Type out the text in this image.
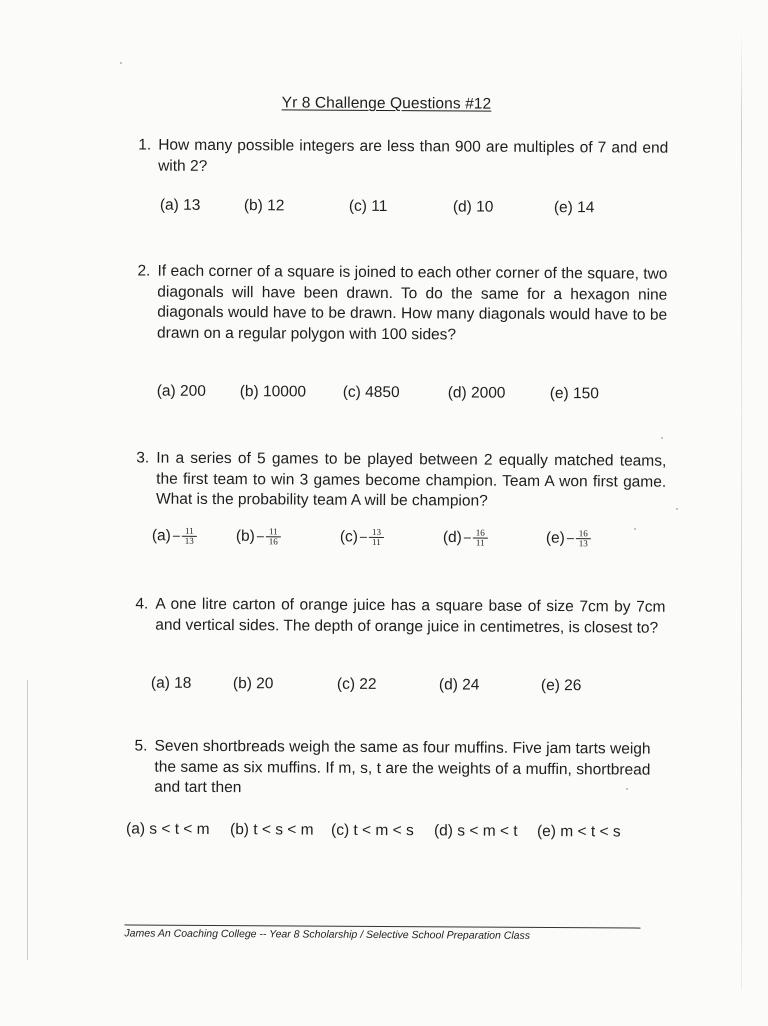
Yr 8 Challenge Questions #12
1. How many possible integers are less than 900 are multiples of 7 and end with 2?
(a) 13	(b) 12	(c) 11	(d) 10	(e) 14
2. If each corner of a square is joined to each other corner of the square, two diagonals will have been drawn. To do the same for a hexagon nine diagonals would have to be drawn. How many diagonals would have to be drawn on a regular polygon with 100 sides?
(a) 200 (b) 10000 (c) 4850	(d) 2000	(e) 150
3. In a series of 5 games to be played between 2 equally matched teams, the first team to win 3 games become champion. Team A won first game. What is the probability team A will be champion?
$(a) \frac{11}{13}$	$(b) \frac{11}{16}$	$(c) \frac{13}{11}$	$(d) \frac{16}{11}$	$(e) \frac{16}{13}$
4. A one litre carton of orange juice has a square base of size 7cm by 7cm and vertical sides. The depth of orange juice in centimetres, is closest to?
(a) 18	(b) 20	(c) 22	(d) 24	(e) 26
5. Seven shortbreads weigh the same as four muffins. Five jam tarts weigh the same as six muffins. If m, s, t are the weights of a muffin, shortbread and tart then
(a) s < t < m (b) t < s < m (c) t < m < s (d) s < m < t (e) m < t < s
James An Coaching College -- Year 8 Scholarship / Selective School Preparation Class
